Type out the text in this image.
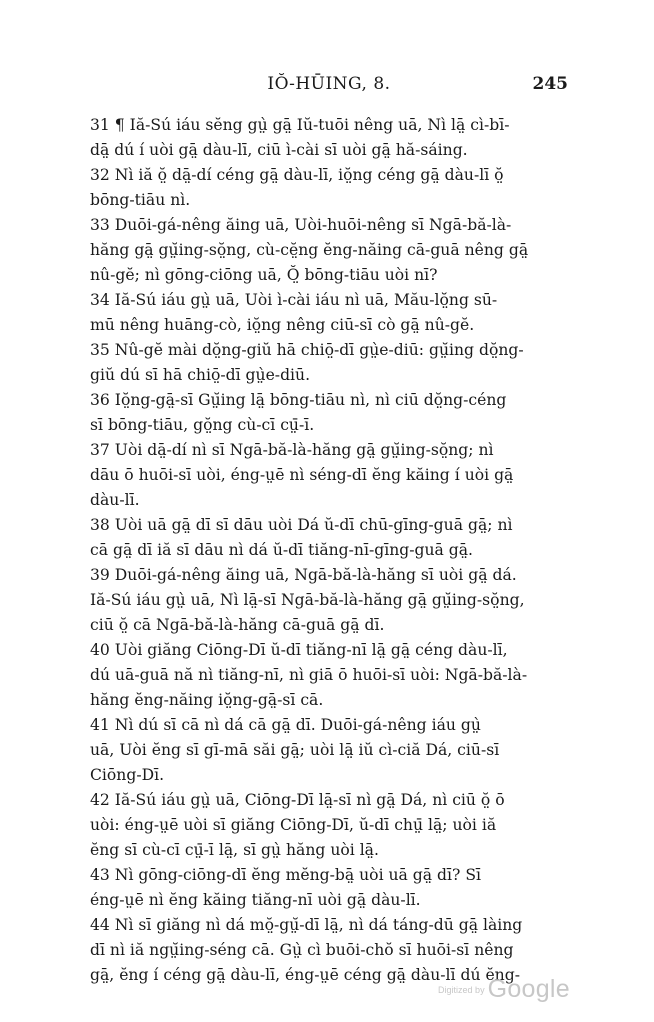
IŎ-HŪING, 8.	245
31 ¶ Iă-Sú iáu sĕng gṳ̀ gā̤ Iŭ-tuōi nêng uā, Nì lā̤ cì-bī-
dā̤ dú í uòi gā̤ dàu-lī, ciū ì-cài sī uòi gā̤ hă-sáing.
32 Nì iă ŏ̤ dā̤-dí céng gā̤ dàu-lī, iŏ̤ng céng gā̤ dàu-lī ŏ̤
bōng-tiāu nì.
33 Duōi-gá-nêng ăing uā, Uòi-huōi-nêng sī Ngā-bă-là-
hăng gā̤ gṳ̆ing-sŏ̤ng, cù-cĕ̤ng ĕng-năing cā-guā nêng gā̤
nû-gĕ; nì gōng-ciōng uā, Ŏ̤ bōng-tiāu uòi nī?
34 Iă-Sú iáu gṳ̀ uā, Uòi ì-cài iáu nì uā, Mău-lŏ̤ng sū-
mū nêng huāng-cò, iŏ̤ng nêng ciū-sī cò gā̤ nû-gĕ.
35 Nû-gĕ mài dŏ̤ng-giŭ hā chiō̤-dī gṳ̀e-diū: gṳ̆ing dŏ̤ng-
giŭ dú sī hā chiō̤-dī gṳ̀e-diū.
36 Iŏ̤ng-gā̤-sī Gṳ̆ing lā̤ bōng-tiāu nì, nì ciū dŏ̤ng-céng
sī bōng-tiāu, gŏ̤ng cù-cī cṳ̄-ī.
37 Uòi dā̤-dí nì sī Ngā-bă-là-hăng gā̤ gṳ̆ing-sŏ̤ng; nì
dāu ō huōi-sī uòi, éng-ṳē nì séng-dī ĕng kăing í uòi gā̤
dàu-lī.
38 Uòi uā gā̤ dī sī dāu uòi Dá ŭ-dī chū-gīng-guā gā̤; nì
cā gā̤ dī iă sī dāu nì dá ŭ-dī tiăng-nī-gīng-guā gā̤.
39 Duōi-gá-nêng ăing uā, Ngā-bă-là-hăng sī uòi gā̤ dá.
Iă-Sú iáu gṳ̀ uā, Nì lā̤-sī Ngā-bă-là-hăng gā̤ gṳ̆ing-sŏ̤ng,
ciū ŏ̤ cā Ngā-bă-là-hăng cā-guā gā̤ dī.
40 Uòi giăng Ciōng-Dī ŭ-dī tiăng-nī lā̤ gā̤ céng dàu-lī,
dú uā-guā nă nì tiăng-nī, nì giā ō huōi-sī uòi: Ngā-bă-là-
hăng ĕng-năing iŏ̤ng-gā̤-sī cā.
41 Nì dú sī cā nì dá cā gā̤ dī. Duōi-gá-nêng iáu gṳ̀
uā, Uòi ĕng sī gī-mā săi gā̤; uòi lā̤ iŭ cì-ciă Dá, ciū-sī
Ciōng-Dī.
42 Iă-Sú iáu gṳ̀ uā, Ciōng-Dī lā̤-sī nì gā̤ Dá, nì ciū ŏ̤ ō
uòi: éng-ṳē uòi sī giăng Ciōng-Dī, ŭ-dī chṳ̄ lā̤; uòi iă
ĕng sī cù-cī cṳ̄-ī lā̤, sī gṳ̀ hăng uòi lā̤.
43 Nì gōng-ciōng-dī ĕng mĕng-bā̤ uòi uā gā̤ dī? Sī
éng-ṳē nì ĕng kăing tiăng-nī uòi gā̤ dàu-lī.
44 Nì sī giăng nì dá mŏ̤-gṳ̆-dī lā̤, nì dá táng-dū gā̤ làing
dī nì iă ngṳ̆ing-séng cā. Gṳ̀ cì buōi-chŏ sī huōi-sī nêng
gā̤, ĕng í céng gā̤ dàu-lī, éng-ṳē céng gā̤ dàu-lī dú ĕng-
Digitized by Google
